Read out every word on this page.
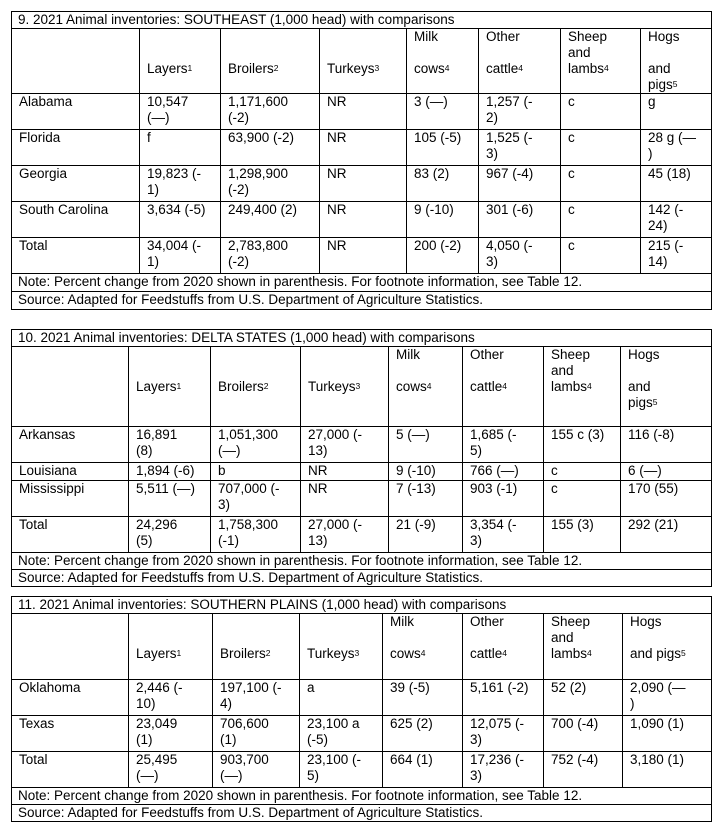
9. 2021 Animal inventories: SOUTHEAST (1,000 head) with comparisons							
				Milk	Other	Sheep
and	Hogs
	Layers$^1$	Broilers$^2$	Turkeys$^3$	cows$^4$	cattle$^4$	lambs$^4$	and
pigs$^5$
Alabama	10,547
(—)	1,171,600
(-2)	NR	3 (—)	1,257 (-
2)	c	g
Florida	f	63,900 (-2)	NR	105 (-5)	1,525 (-
3)	c	28 g (—
)
Georgia	19,823 (-
1)	1,298,900
(-2)	NR	83 (2)	967 (-4)	c	45 (18)
South Carolina	3,634 (-5)	249,400 (2)	NR	9 (-10)	301 (-6)	c	142 (-
24)
Total	34,004 (-
1)	2,783,800
(-2)	NR	200 (-2)	4,050 (-
3)	c	215 (-
14)
Note: Percent change from 2020 shown in parenthesis. For footnote information, see Table 12.							
Source: Adapted for Feedstuffs from U.S. Department of Agriculture Statistics.							
10. 2021 Animal inventories: DELTA STATES (1,000 head) with comparisons							
				Milk	Other	Sheep
and	Hogs
	Layers$^1$	Broilers$^2$	Turkeys$^3$	cows$^4$	cattle$^4$	lambs$^4$	and
pigs$^5$
Arkansas	16,891
(8)	1,051,300
(—)	27,000 (-
13)	5 (—)	1,685 (-
5)	155 c (3)	116 (-8)
Louisiana	1,894 (-6)	b	NR	9 (-10)	766 (—)	c	6 (—)
Mississippi	5,511 (—)	707,000 (-
3)	NR	7 (-13)	903 (-1)	c	170 (55)
Total	24,296
(5)	1,758,300
(-1)	27,000 (-
13)	21 (-9)	3,354 (-
3)	155 (3)	292 (21)
Note: Percent change from 2020 shown in parenthesis. For footnote information, see Table 12.							
Source: Adapted for Feedstuffs from U.S. Department of Agriculture Statistics.							
11. 2021 Animal inventories: SOUTHERN PLAINS (1,000 head) with comparisons							
				Milk	Other	Sheep
and	Hogs
	Layers$^1$	Broilers$^2$	Turkeys$^3$	cows$^4$	cattle$^4$	lambs$^4$	and pigs$^5$
Oklahoma	2,446 (-
10)	197,100 (-
4)	a	39 (-5)	5,161 (-2)	52 (2)	2,090 (—
)
Texas	23,049
(1)	706,600
(1)	23,100 a
(-5)	625 (2)	12,075 (-
3)	700 (-4)	1,090 (1)
Total	25,495
(—)	903,700
(—)	23,100 (-
5)	664 (1)	17,236 (-
3)	752 (-4)	3,180 (1)
Note: Percent change from 2020 shown in parenthesis. For footnote information, see Table 12.							
Source: Adapted for Feedstuffs from U.S. Department of Agriculture Statistics.							
